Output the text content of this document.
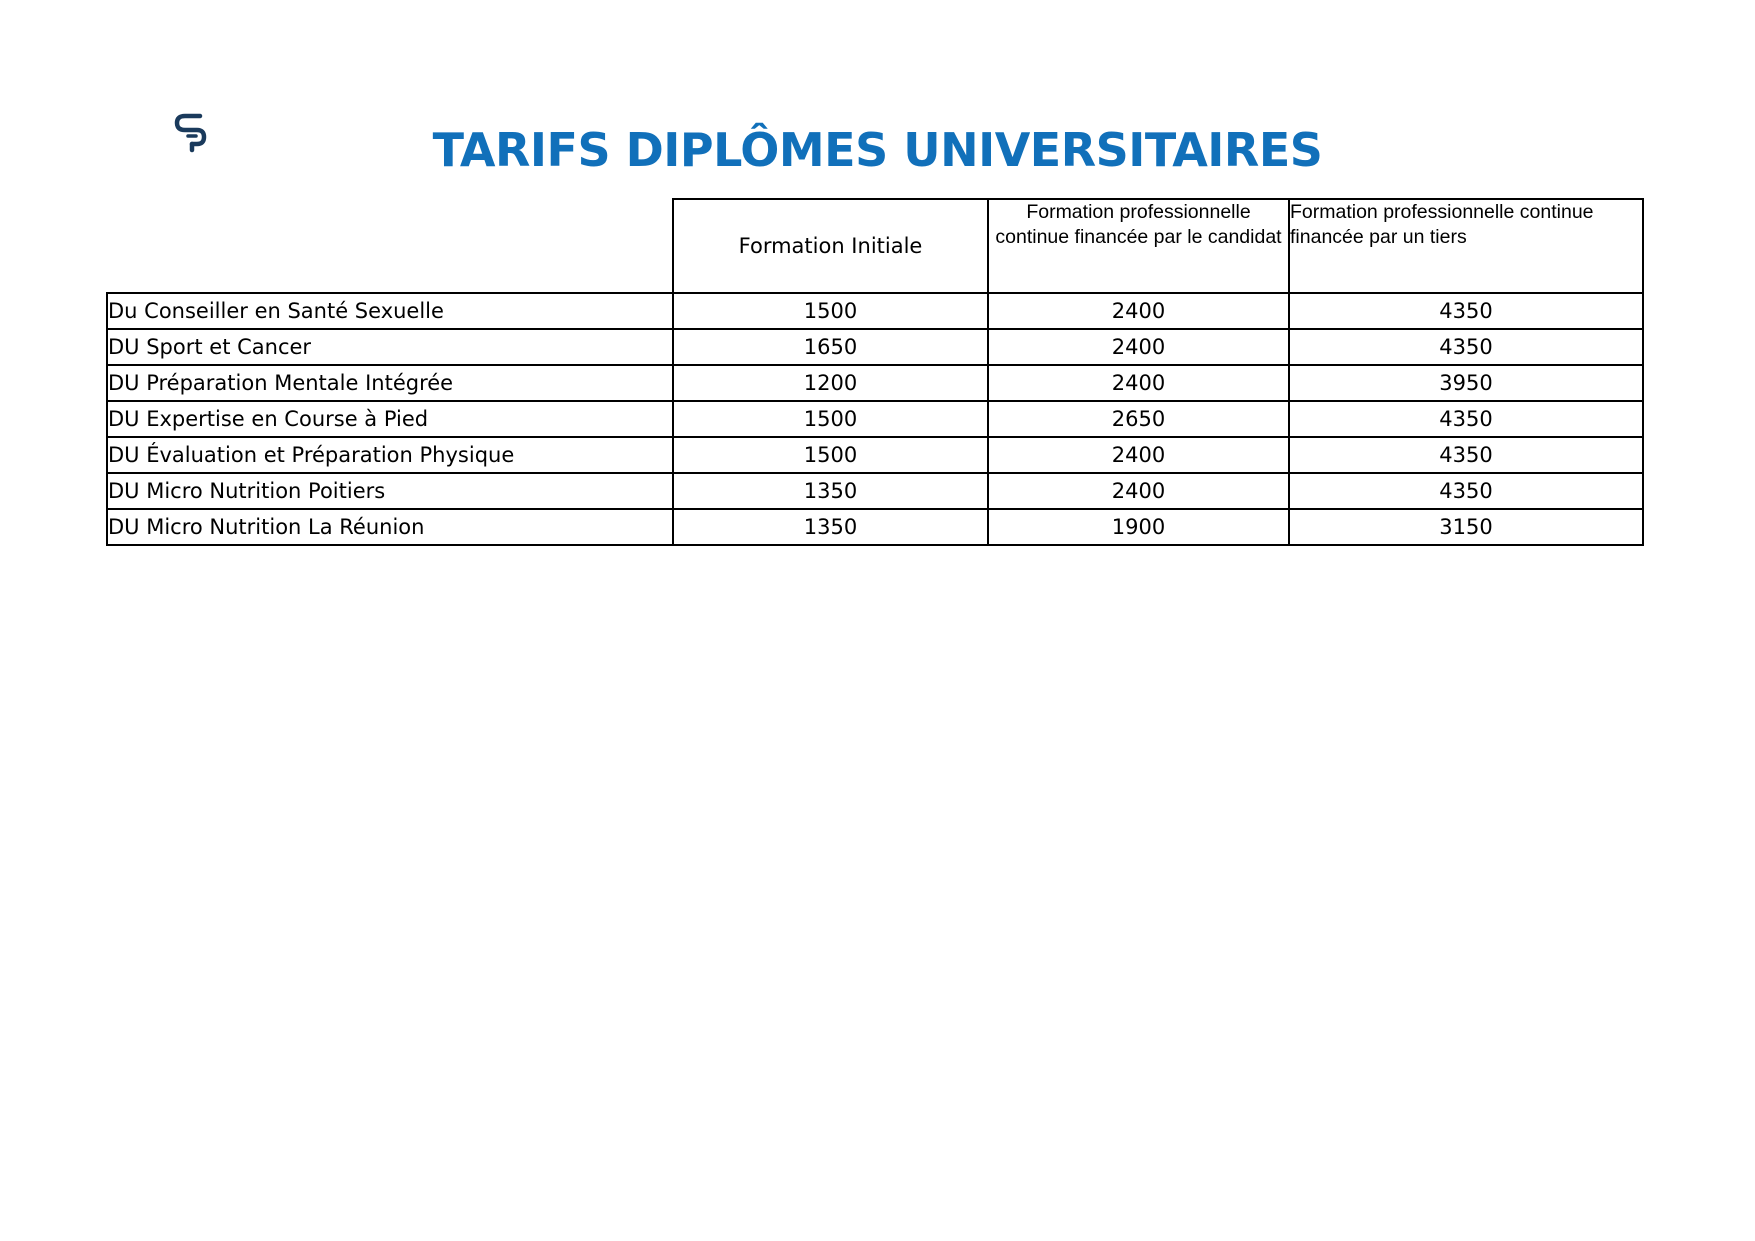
TARIFS DIPLÔMES UNIVERSITAIRES
	Formation Initiale	Formation professionnelle continue financée par le candidat	Formation professionnelle continue financée par un tiers
Du Conseiller en Santé Sexuelle	1500	2400	4350
DU Sport et Cancer	1650	2400	4350
DU Préparation Mentale Intégrée	1200	2400	3950
DU Expertise en Course à Pied	1500	2650	4350
DU Évaluation et Préparation Physique	1500	2400	4350
DU Micro Nutrition Poitiers	1350	2400	4350
DU Micro Nutrition La Réunion	1350	1900	3150
